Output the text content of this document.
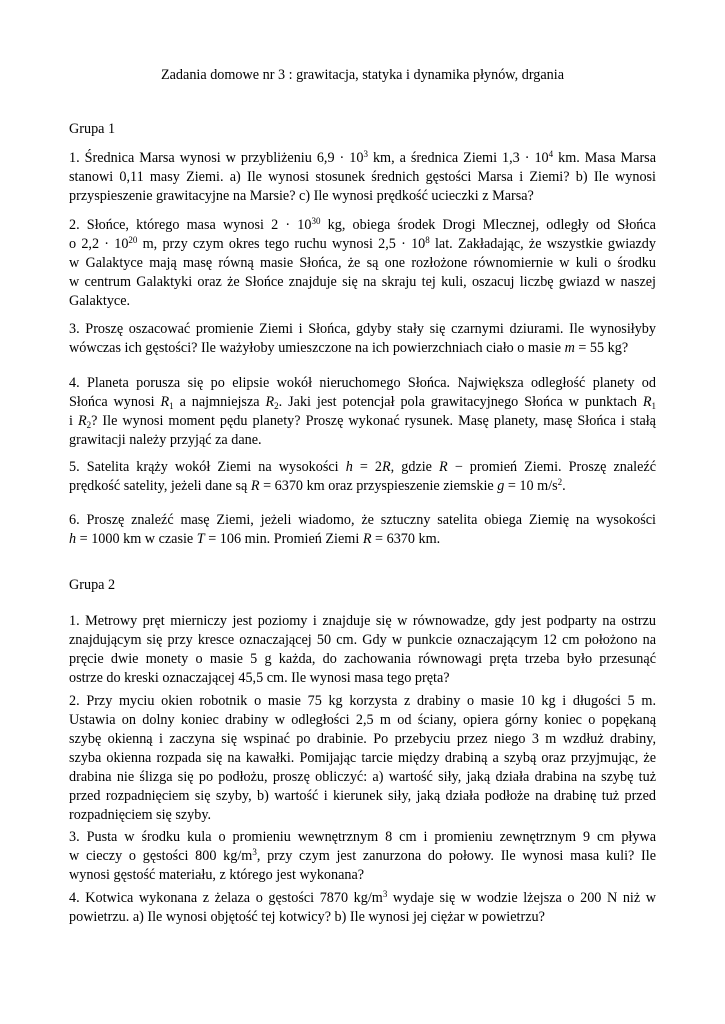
Zadania domowe nr 3 : grawitacja, statyka i dynamika płynów, drgania
Grupa 1
1. Średnica Marsa wynosi w przybliżeniu $6,9 \cdot 10^3$ km, a średnica Ziemi $1,3 \cdot 10^4$ km. Masa Marsa
stanowi 0,11 masy Ziemi. a) Ile wynosi stosunek średnich gęstości Marsa i Ziemi? b) Ile wynosi
przyspieszenie grawitacyjne na Marsie? c) Ile wynosi prędkość ucieczki z Marsa?
2. Słońce, którego masa wynosi $2 \cdot 10^{30}$ kg, obiega środek Drogi Mlecznej, odległy od Słońca
o $2,2 \cdot 10^{20}$ m, przy czym okres tego ruchu wynosi $2,5 \cdot 10^8$ lat. Zakładając, że wszystkie gwiazdy
w Galaktyce mają masę równą masie Słońca, że są one rozłożone równomiernie w kuli o środku
w centrum Galaktyki oraz że Słońce znajduje się na skraju tej kuli, oszacuj liczbę gwiazd w naszej
Galaktyce.
3. Proszę oszacować promienie Ziemi i Słońca, gdyby stały się czarnymi dziurami. Ile wynosiłyby
wówczas ich gęstości? Ile ważyłoby umieszczone na ich powierzchniach ciało o masie m = 55 kg?
4. Planeta porusza się po elipsie wokół nieruchomego Słońca. Największa odległość planety od
Słońca wynosi $R_1$ a najmniejsza $R_2$. Jaki jest potencjał pola grawitacyjnego Słońca w punktach $R_1$
i $R_2$? Ile wynosi moment pędu planety? Proszę wykonać rysunek. Masę planety, masę Słońca i stałą
grawitacji należy przyjąć za dane.
5. Satelita krąży wokół Ziemi na wysokości h = 2R, gdzie R − promień Ziemi. Proszę znaleźć
prędkość satelity, jeżeli dane są R = 6370 km oraz przyspieszenie ziemskie g = 10 $m/s^2$.
6. Proszę znaleźć masę Ziemi, jeżeli wiadomo, że sztuczny satelita obiega Ziemię na wysokości
h = 1000 km w czasie T = 106 min. Promień Ziemi R = 6370 km.
Grupa 2
1. Metrowy pręt mierniczy jest poziomy i znajduje się w równowadze, gdy jest podparty na ostrzu
znajdującym się przy kresce oznaczającej 50 cm. Gdy w punkcie oznaczającym 12 cm położono na
pręcie dwie monety o masie 5 g każda, do zachowania równowagi pręta trzeba było przesunąć
ostrze do kreski oznaczającej 45,5 cm. Ile wynosi masa tego pręta?
2. Przy myciu okien robotnik o masie 75 kg korzysta z drabiny o masie 10 kg i długości 5 m.
Ustawia on dolny koniec drabiny w odległości 2,5 m od ściany, opiera górny koniec o popękaną
szybę okienną i zaczyna się wspinać po drabinie. Po przebyciu przez niego 3 m wzdłuż drabiny,
szyba okienna rozpada się na kawałki. Pomijając tarcie między drabiną a szybą oraz przyjmując, że
drabina nie ślizga się po podłożu, proszę obliczyć: a) wartość siły, jaką działa drabina na szybę tuż
przed rozpadnięciem się szyby, b) wartość i kierunek siły, jaką działa podłoże na drabinę tuż przed
rozpadnięciem się szyby.
3. Pusta w środku kula o promieniu wewnętrznym 8 cm i promieniu zewnętrznym 9 cm pływa
w cieczy o gęstości 800 $kg/m^3$, przy czym jest zanurzona do połowy. Ile wynosi masa kuli? Ile
wynosi gęstość materiału, z którego jest wykonana?
4. Kotwica wykonana z żelaza o gęstości 7870 $kg/m^3$ wydaje się w wodzie lżejsza o 200 N niż w
powietrzu. a) Ile wynosi objętość tej kotwicy? b) Ile wynosi jej ciężar w powietrzu?
